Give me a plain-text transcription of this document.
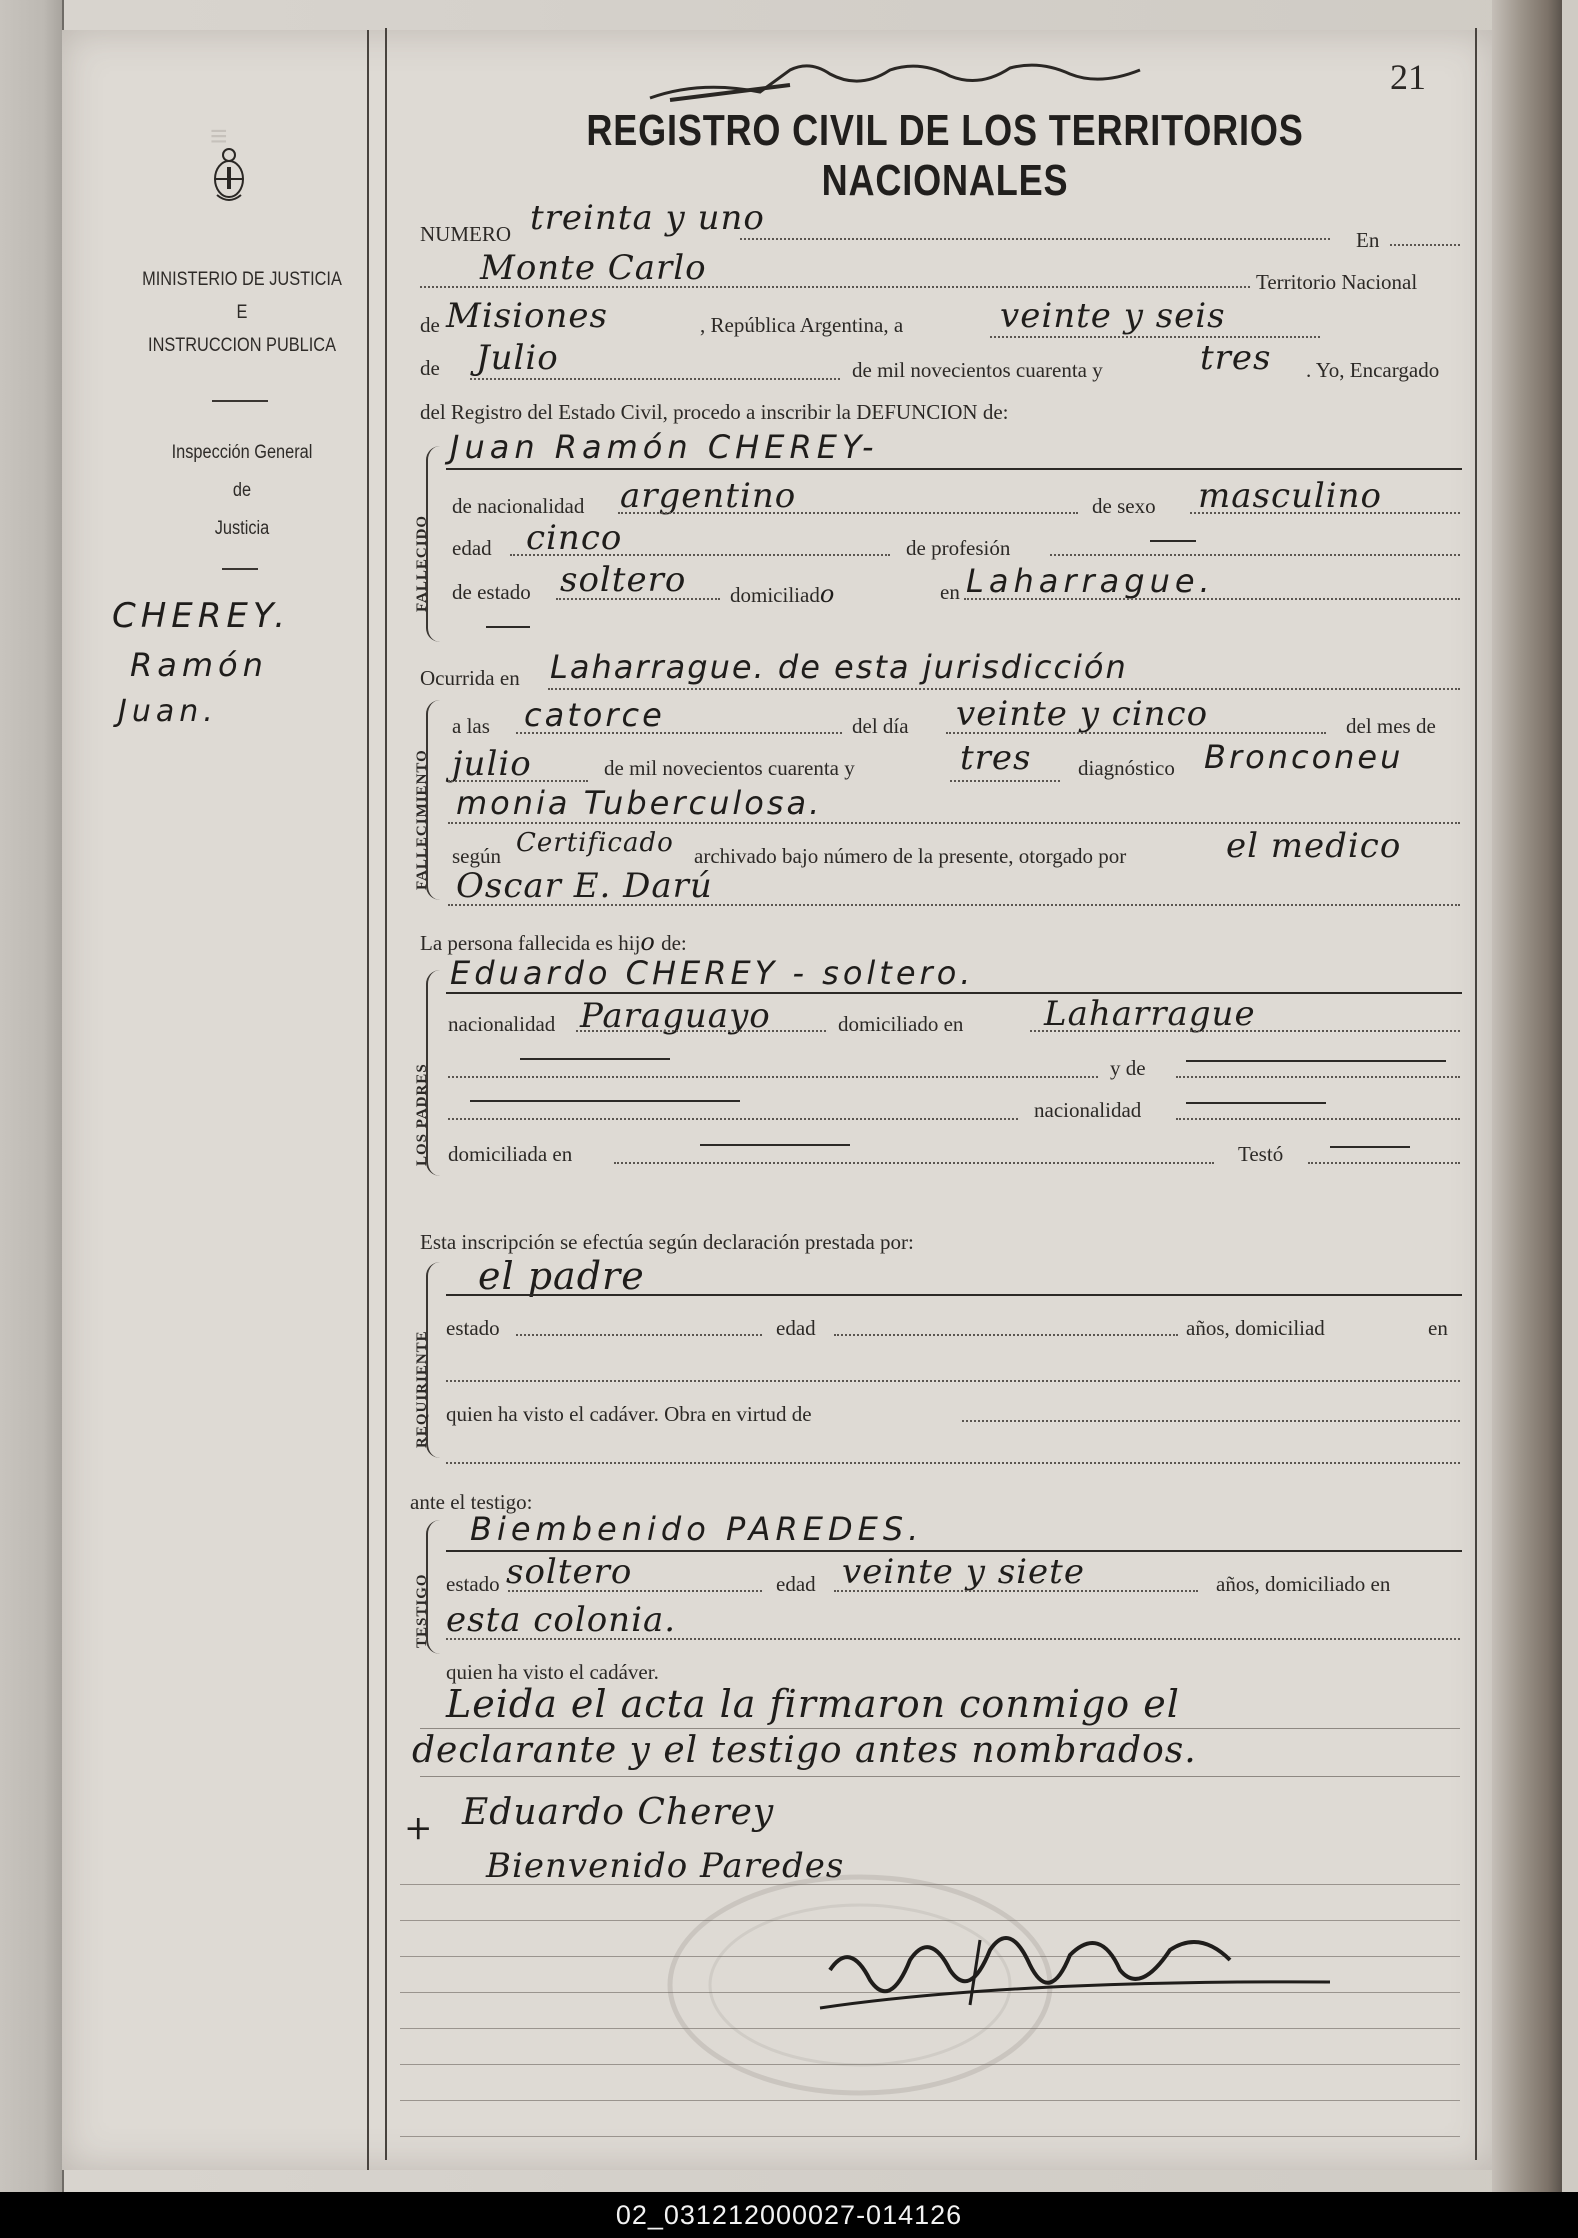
≡
MINISTERIO DE JUSTICIA
E
INSTRUCCION PUBLICA
Inspección General
de
Justicia
CHEREY.
Ramón
Juan.
21
REGISTRO CIVIL DE LOS TERRITORIOS NACIONALES
NUMERO treinta y uno
En
Monte Carlo	Territorio Nacional
de Misiones	, República Argentina, a	veinte y seis
de Julio	de mil novecientos cuarenta y	tres . Yo, Encargado
del Registro del Estado Civil, procedo a inscribir la DEFUNCION de:
FALLECIDO
Juan Ramón CHEREY-
de nacionalidad argentino	de sexo masculino
edad cinco	de profesión
de estado soltero domiciliado	en Laharrague.
Ocurrida en Laharrague. de esta jurisdicción
FALLECIMIENTO
a las catorce	del día veinte y cinco	del mes de
julio	de mil novecientos cuarenta y	tres diagnóstico Bronconeu
monia Tuberculosa.
según Certificado archivado bajo número de la presente, otorgado por	el medico
Oscar E. Darú
La persona fallecida es hijo de:
LOS PADRES
Eduardo CHEREY - soltero.
nacionalidad Paraguayo	domiciliado en Laharrague
y de
nacionalidad
domiciliada en	Testó
Esta inscripción se efectúa según declaración prestada por:
REQUIRIENTE
el padre
estado	edad	años, domiciliad	en
quien ha visto el cadáver. Obra en virtud de
ante el testigo:
TESTIGO
Biembenido PAREDES.
estado soltero	edad veinte y siete	años, domiciliado en
esta colonia.
quien ha visto el cadáver.
Leida el acta la firmaron conmigo el
declarante y el testigo antes nombrados.
+ Eduardo Cherey
Bienvenido Paredes
02_031212000027-014126
